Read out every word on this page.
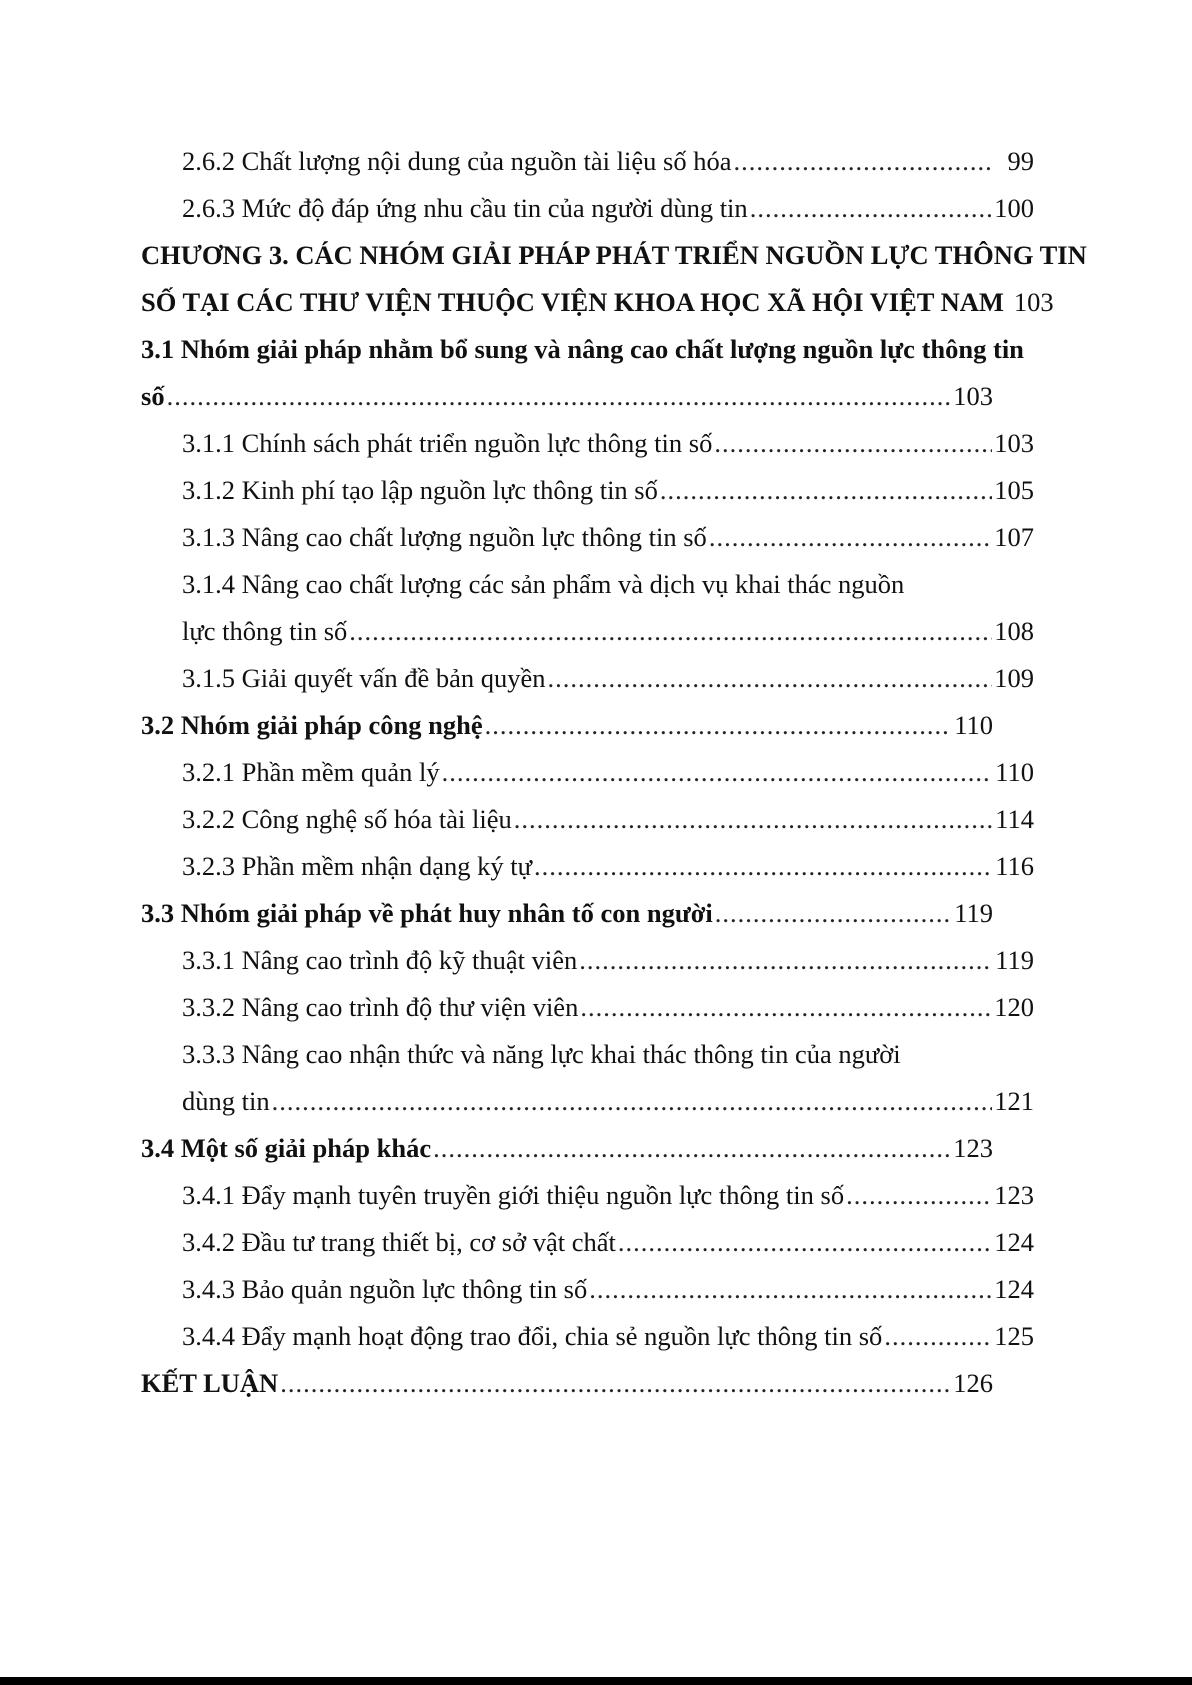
2.6.2 Chất lượng nội dung của nguồn tài liệu số hóa .....	99
2.6.3 Mức độ đáp ứng nhu cầu tin của người dùng tin .....	100
CHƯƠNG 3. CÁC NHÓM GIẢI PHÁP PHÁT TRIỂN NGUỒN LỰC THÔNG TIN
SỐ TẠI CÁC THƯ VIỆN THUỘC VIỆN KHOA HỌC XÃ HỘI VIỆT NAM 103
3.1 Nhóm giải pháp nhằm bổ sung và nâng cao chất lượng nguồn lực thông tin
số .....	103
3.1.1 Chính sách phát triển nguồn lực thông tin số .....	103
3.1.2 Kinh phí tạo lập nguồn lực thông tin số .....	105
3.1.3 Nâng cao chất lượng nguồn lực thông tin số .....	107
3.1.4 Nâng cao chất lượng các sản phẩm và dịch vụ khai thác nguồn
lực thông tin số .....	108
3.1.5 Giải quyết vấn đề bản quyền .....	109
3.2 Nhóm giải pháp công nghệ .....	110
3.2.1 Phần mềm quản lý .....	110
3.2.2 Công nghệ số hóa tài liệu .....	114
3.2.3 Phần mềm nhận dạng ký tự .....	116
3.3 Nhóm giải pháp về phát huy nhân tố con người .....	119
3.3.1 Nâng cao trình độ kỹ thuật viên .....	119
3.3.2 Nâng cao trình độ thư viện viên .....	120
3.3.3 Nâng cao nhận thức và năng lực khai thác thông tin của người
dùng tin .....	121
3.4 Một số giải pháp khác .....	123
3.4.1 Đẩy mạnh tuyên truyền giới thiệu nguồn lực thông tin số .....	123
3.4.2 Đầu tư trang thiết bị, cơ sở vật chất .....	124
3.4.3 Bảo quản nguồn lực thông tin số .....	124
3.4.4 Đẩy mạnh hoạt động trao đổi, chia sẻ nguồn lực thông tin số .....	125
KẾT LUẬN .....	126
